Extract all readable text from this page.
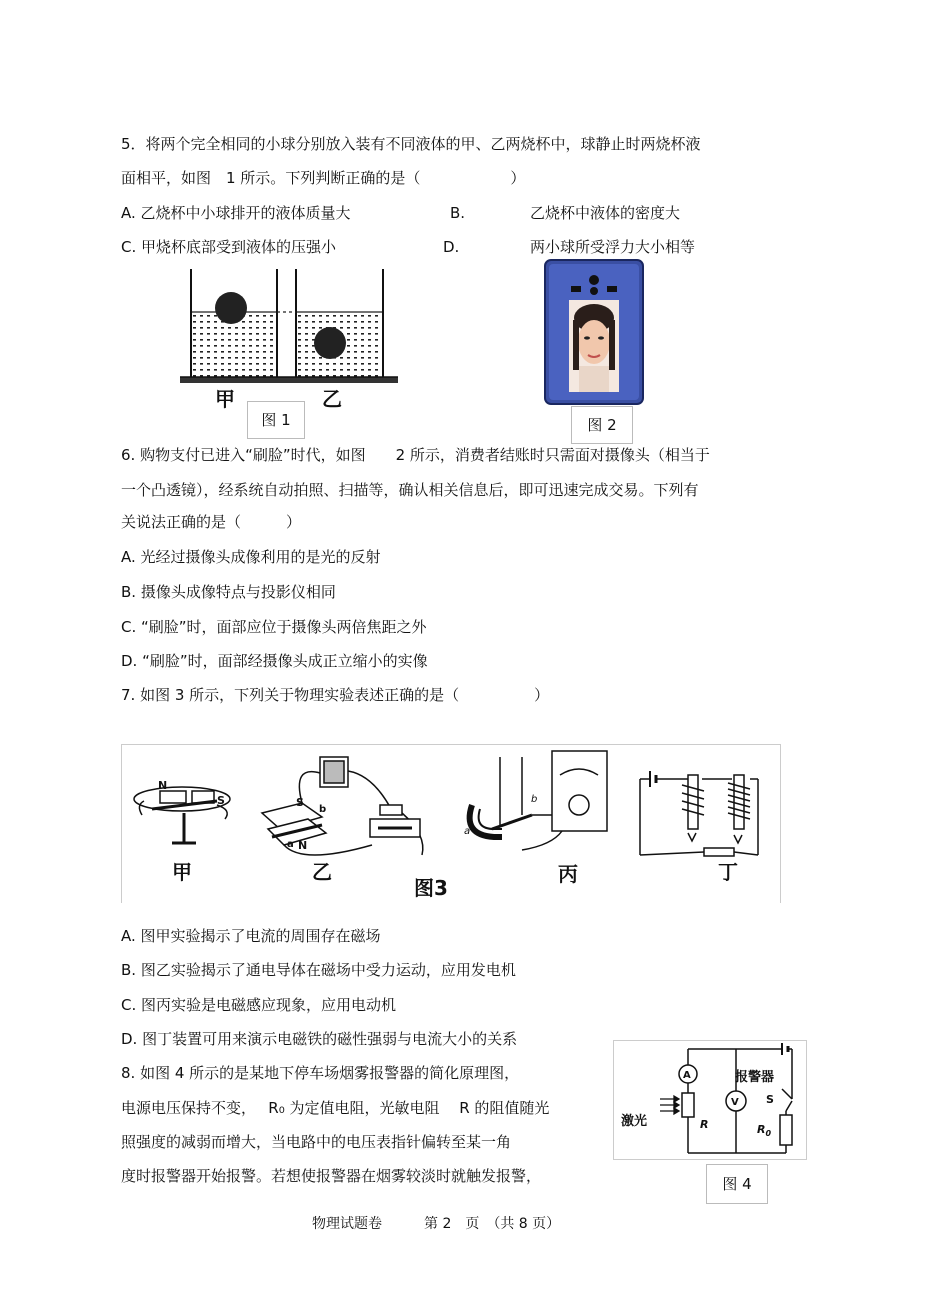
5．将两个完全相同的小球分别放入装有不同液体的甲、乙两烧杯中，球静止时两烧杯液
面相平，如图　1 所示。下列判断正确的是（　　　　　　）
A. 乙烧杯中小球排开的液体质量大	B.	乙烧杯中液体的密度大
C. 甲烧杯底部受到液体的压强小	D.	两小球所受浮力大小相等
甲	乙
图 1	图 2
6. 购物支付已进入“刷脸”时代，如图　　2 所示，消费者结账时只需面对摄像头（相当于
一个凸透镜），经系统自动拍照、扫描等，确认相关信息后，即可迅速完成交易。下列有
关说法正确的是（　　　）
A. 光经过摄像头成像利用的是光的反射
B. 摄像头成像特点与投影仪相同
C. “刷脸”时，面部应位于摄像头两倍焦距之外
D. “刷脸”时，面部经摄像头成正立缩小的实像
7. 如图 3 所示，下列关于物理实验表述正确的是（　　　　　）
N
S	S
b
a N
a
b
甲	乙	丙	丁
图3
A. 图甲实验揭示了电流的周围存在磁场
B. 图乙实验揭示了通电导体在磁场中受力运动，应用发电机
C. 图丙实验是电磁感应现象，应用电动机
D. 图丁装置可用来演示电磁铁的磁性强弱与电流大小的关系
8. 如图 4 所示的是某地下停车场烟雾报警器的简化原理图，
电源电压保持不变，　 R₀ 为定值电阻，光敏电阻　 R 的阻值随光
照强度的减弱而增大，当电路中的电压表指针偏转至某一角
度时报警器开始报警。若想使报警器在烟雾较淡时就触发报警，
A
V
报警器
激光	R	$R_0$
S
图 4
物理试题卷　　　第 2　页　（共 8 页）
